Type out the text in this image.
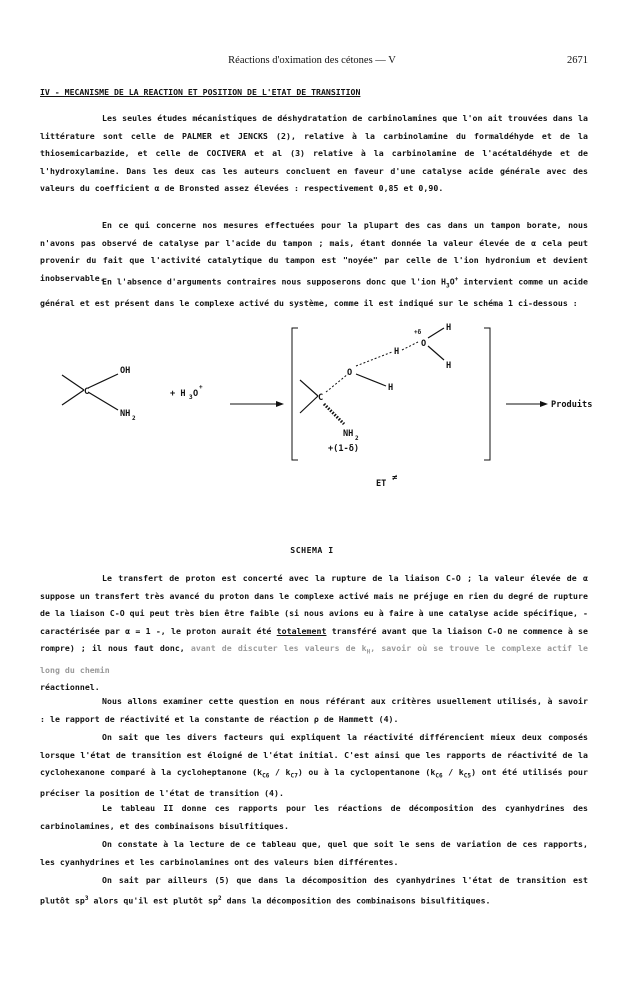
Réactions d'oximation des cétones — V	2671

IV - MECANISME DE LA REACTION ET POSITION DE L'ETAT DE TRANSITION

Les seules études mécanistiques de déshydratation de carbinolamines que l'on ait trouvées dans la littérature sont celle de PALMER et JENCKS (2), relative à la carbinolamine du formaldéhyde et de la thiosemicarbazide, et celle de COCIVERA et al (3) relative à la carbinolamine de l'acétaldéhyde et de l'hydroxylamine. Dans les deux cas les auteurs concluent en faveur d'une catalyse acide générale avec des valeurs du coefficient α de Bronsted assez élevées : respectivement 0,85 et 0,90.

En ce qui concerne nos mesures effectuées pour la plupart des cas dans un tampon borate, nous n'avons pas observé de catalyse par l'acide du tampon ; mais, étant donnée la valeur élevée de α cela peut provenir du fait que l'activité catalytique du tampon est "noyée" par celle de l'ion hydronium et devient inobservable.

En l'absence d'arguments contraires nous supposerons donc que l'ion $H_3O^+$ intervient comme un acide général et est présent dans le complexe activé du système, comme il est indiqué sur le schéma 1 ci-dessous :

C
OH
NH 2
+ H 3 O
+
C
O
H
H
+δ
O
H
H
NH 2
+(1-δ)
Produits
ET
≠
SCHEMA I

Le transfert de proton est concerté avec la rupture de la liaison C-O ; la valeur élevée de α suppose un transfert très avancé du proton dans le complexe activé mais ne préjuge en rien du degré de rupture de la liaison C-O qui peut très bien être faible (si nous avions eu à faire à une catalyse acide spécifique, - caractérisée par α = 1 -, le proton aurait été totalement transféré avant que la liaison C-O ne commence à se rompre) ; il nous faut donc, avant de discuter les valeurs de $k_H$, savoir où se trouve le complexe actif le long du chemin
réactionnel.

Nous allons examiner cette question en nous référant aux critères usuellement utilisés, à savoir : le rapport de réactivité et la constante de réaction ρ de Hammett (4).

On sait que les divers facteurs qui expliquent la réactivité différencient mieux deux composés lorsque l'état de transition est éloigné de l'état initial. C'est ainsi que les rapports de réactivité de la cyclohexanone comparé à la cycloheptanone $(k_{C6} / k_{C7})$ ou à la cyclopentanone $(k_{C6} / k_{C5})$ ont été utilisés pour préciser la position de l'état de transition (4).

Le tableau II donne ces rapports pour les réactions de décomposition des cyanhydrines des carbinolamines, et des combinaisons bisulfitiques.

On constate à la lecture de ce tableau que, quel que soit le sens de variation de ces rapports, les cyanhydrines et les carbinolamines ont des valeurs bien différentes.

On sait par ailleurs (5) que dans la décomposition des cyanhydrines l'état de transition est plutôt $sp^3$ alors qu'il est plutôt $sp^2$ dans la décomposition des combinaisons bisulfitiques.
